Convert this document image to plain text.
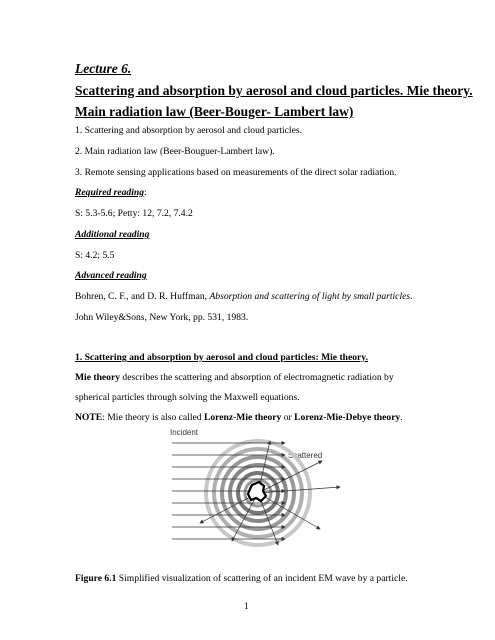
Lecture 6.
Scattering and absorption by aerosol and cloud particles. Mie theory.
Main radiation law (Beer-Bouger- Lambert law)
1. Scattering and absorption by aerosol and cloud particles.
2. Main radiation law (Beer-Bouguer-Lambert law).
3. Remote sensing applications based on measurements of the direct solar radiation.
Required reading:
S: 5.3-5.6; Petty: 12, 7.2, 7.4.2
Additional reading
S: 4.2; 5.5
Advanced reading
Bohren, C. F., and D. R. Huffman, Absorption and scattering of light by small particles.
John Wiley&Sons, New York, pp. 531, 1983.
1. Scattering and absorption by aerosol and cloud particles: Mie theory.
Mie theory describes the scattering and absorption of electromagnetic radiation by
spherical particles through solving the Maxwell equations.
NOTE: Mie theory is also called Lorenz-Mie theory or Lorenz-Mie-Debye theory.
Incident
Scattered
Figure 6.1 Simplified visualization of scattering of an incident EM wave by a particle.
1
